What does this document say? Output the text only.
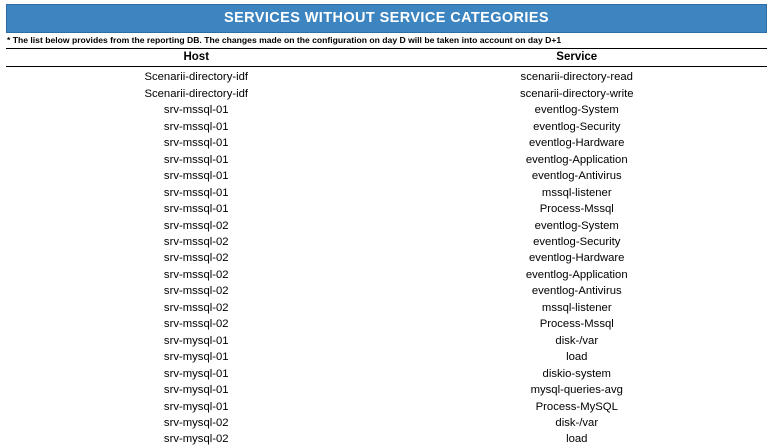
SERVICES WITHOUT SERVICE CATEGORIES
* The list below provides from the reporting DB. The changes made on the configuration on day D will be taken into account on day D+1
Host	Service
Scenarii-directory-idf	scenarii-directory-read
Scenarii-directory-idf	scenarii-directory-write
srv-mssql-01	eventlog-System
srv-mssql-01	eventlog-Security
srv-mssql-01	eventlog-Hardware
srv-mssql-01	eventlog-Application
srv-mssql-01	eventlog-Antivirus
srv-mssql-01	mssql-listener
srv-mssql-01	Process-Mssql
srv-mssql-02	eventlog-System
srv-mssql-02	eventlog-Security
srv-mssql-02	eventlog-Hardware
srv-mssql-02	eventlog-Application
srv-mssql-02	eventlog-Antivirus
srv-mssql-02	mssql-listener
srv-mssql-02	Process-Mssql
srv-mysql-01	disk-/var
srv-mysql-01	load
srv-mysql-01	diskio-system
srv-mysql-01	mysql-queries-avg
srv-mysql-01	Process-MySQL
srv-mysql-02	disk-/var
srv-mysql-02	load
